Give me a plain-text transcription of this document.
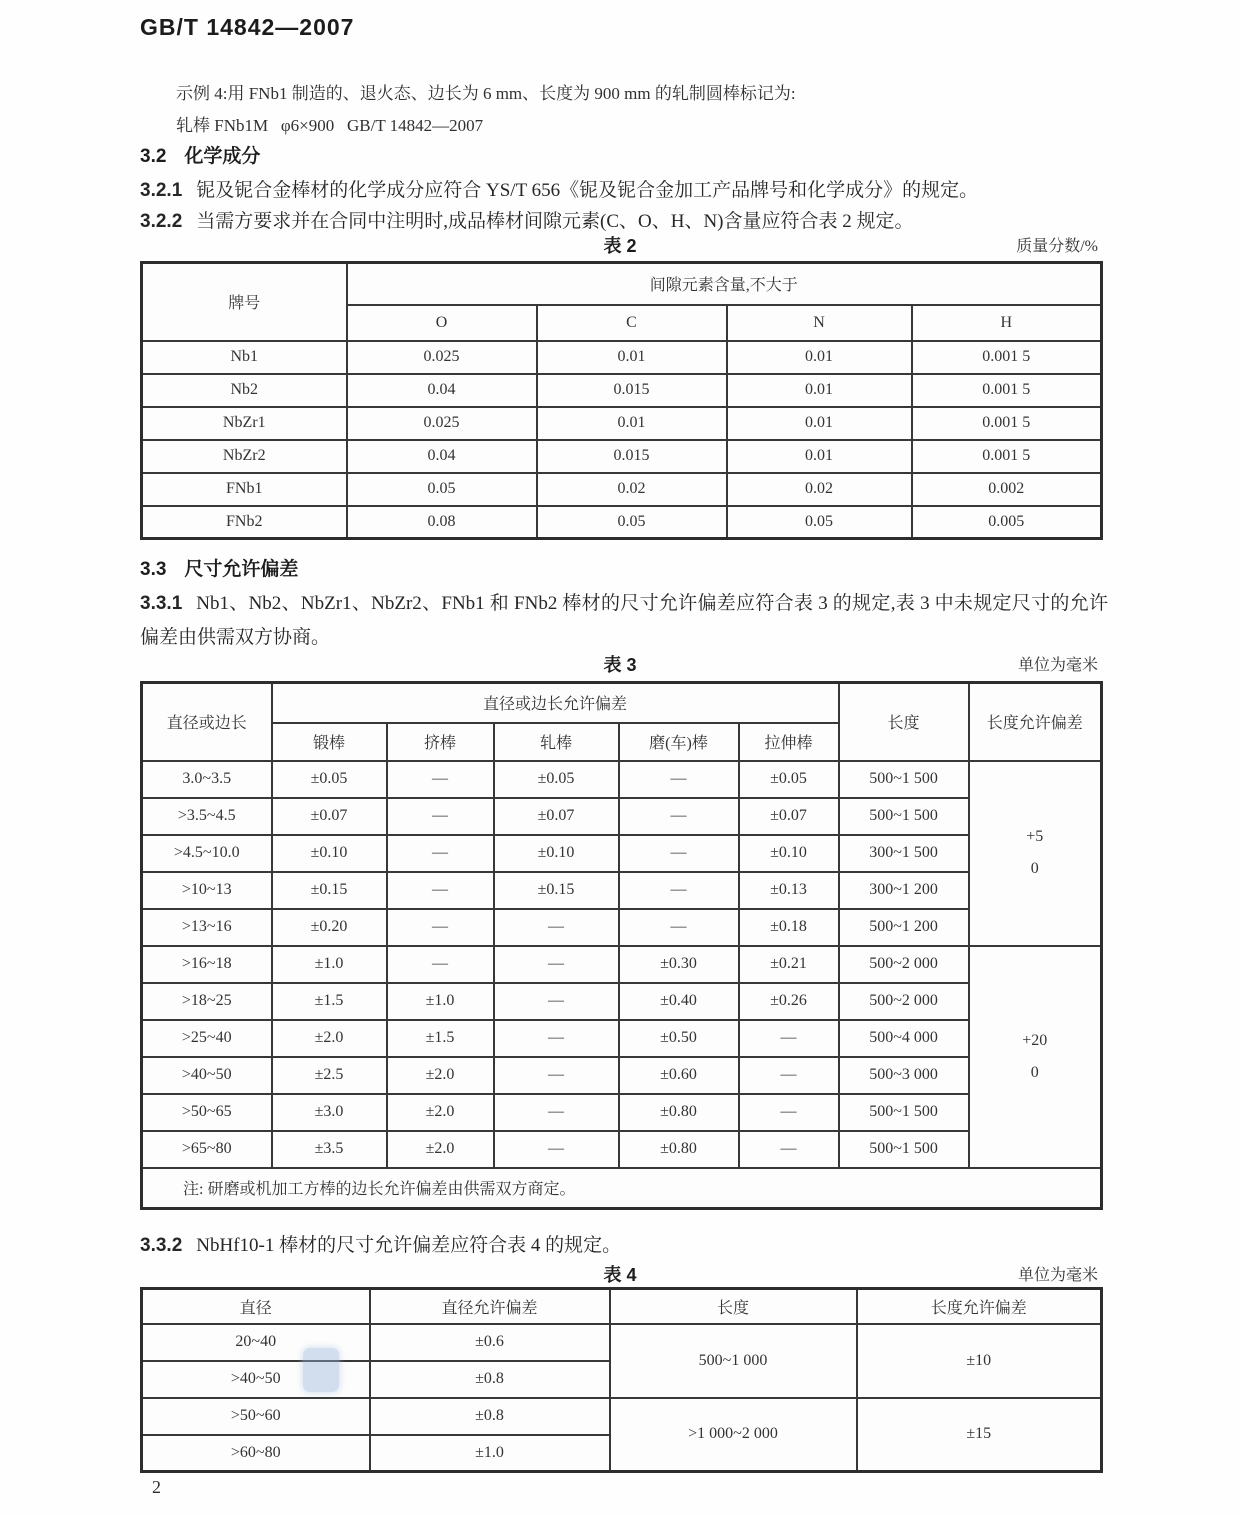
GB/T 14842—2007
示例 4:用 FNb1 制造的、退火态、边长为 6 mm、长度为 900 mm 的轧制圆棒标记为:
轧棒 FNb1M   φ6×900   GB/T 14842—2007
3.2 化学成分
3.2.1 铌及铌合金棒材的化学成分应符合 YS/T 656《铌及铌合金加工产品牌号和化学成分》的规定。
3.2.2 当需方要求并在合同中注明时,成品棒材间隙元素(C、O、H、N)含量应符合表 2 规定。
表 2	质量分数/%
牌号	间隙元素含量,不大于			
	O	C	N	H
Nb1	0.025	0.01	0.01	0.001 5
Nb2	0.04	0.015	0.01	0.001 5
NbZr1	0.025	0.01	0.01	0.001 5
NbZr2	0.04	0.015	0.01	0.001 5
FNb1	0.05	0.02	0.02	0.002
FNb2	0.08	0.05	0.05	0.005
3.3 尺寸允许偏差
3.3.1 Nb1、Nb2、NbZr1、NbZr2、FNb1 和 FNb2 棒材的尺寸允许偏差应符合表 3 的规定,表 3 中未规定尺寸的允许偏差由供需双方协商。
表 3	单位为毫米
直径或边长	直径或边长允许偏差					长度	长度允许偏差
	锻棒	挤棒	轧棒	磨(车)棒	拉伸棒		
3.0~3.5	±0.05	—	±0.05	—	±0.05	500~1 500	+5
0

>3.5~4.5	±0.07	—	±0.07	—	±0.07	500~1 500	
>4.5~10.0	±0.10	—	±0.10	—	±0.10	300~1 500	
>10~13	±0.15	—	±0.15	—	±0.13	300~1 200	
>13~16	±0.20	—	—	—	±0.18	500~1 200	
>16~18	±1.0	—	—	±0.30	±0.21	500~2 000	+20
0

>18~25	±1.5	±1.0	—	±0.40	±0.26	500~2 000	
>25~40	±2.0	±1.5	—	±0.50	—	500~4 000	
>40~50	±2.5	±2.0	—	±0.60	—	500~3 000	
>50~65	±3.0	±2.0	—	±0.80	—	500~1 500	
>65~80	±3.5	±2.0	—	±0.80	—	500~1 500	
注: 研磨或机加工方棒的边长允许偏差由供需双方商定。							
3.3.2 NbHf10-1 棒材的尺寸允许偏差应符合表 4 的规定。
表 4	单位为毫米
直径	直径允许偏差	长度	长度允许偏差
20~40	±0.6	500~1 000	±10
>40~50	±0.8		
>50~60	±0.8	>1 000~2 000	±15
>60~80	±1.0		
2
